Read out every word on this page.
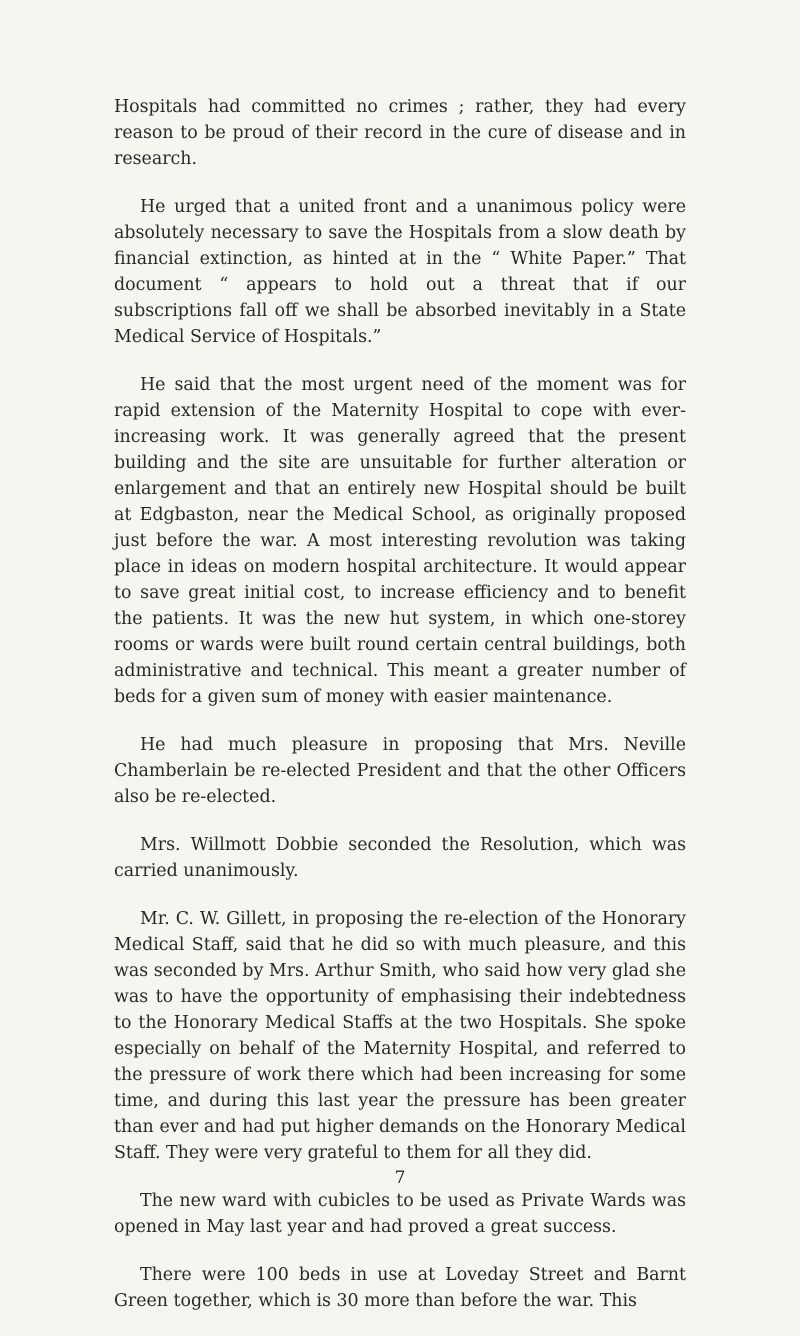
Hospitals had committed no crimes ; rather, they had every reason to be proud of their record in the cure of disease and in research.

He urged that a united front and a unanimous policy were absolutely necessary to save the Hospitals from a slow death by financial extinction, as hinted at in the “ White Paper.” That document “ appears to hold out a threat that if our subscriptions fall off we shall be absorbed inevitably in a State Medical Service of Hospitals.”

He said that the most urgent need of the moment was for rapid extension of the Maternity Hospital to cope with ever-increasing work. It was generally agreed that the present building and the site are unsuitable for further alteration or enlargement and that an entirely new Hospital should be built at Edgbaston, near the Medical School, as originally proposed just before the war. A most interesting revolution was taking place in ideas on modern hospital architecture. It would appear to save great initial cost, to increase efficiency and to benefit the patients. It was the new hut system, in which one-storey rooms or wards were built round certain central buildings, both administrative and technical. This meant a greater number of beds for a given sum of money with easier maintenance.

He had much pleasure in proposing that Mrs. Neville Chamberlain be re-elected President and that the other Officers also be re-elected.

Mrs. Willmott Dobbie seconded the Resolution, which was carried unanimously.

Mr. C. W. Gillett, in proposing the re-election of the Honorary Medical Staff, said that he did so with much pleasure, and this was seconded by Mrs. Arthur Smith, who said how very glad she was to have the opportunity of emphasising their indebtedness to the Honorary Medical Staffs at the two Hospitals. She spoke especially on behalf of the Maternity Hospital, and referred to the pressure of work there which had been increasing for some time, and during this last year the pressure has been greater than ever and had put higher demands on the Honorary Medical Staff. They were very grateful to them for all they did.

The new ward with cubicles to be used as Private Wards was opened in May last year and had proved a great success.

There were 100 beds in use at Loveday Street and Barnt Green together, which is 30 more than before the war. This

7
